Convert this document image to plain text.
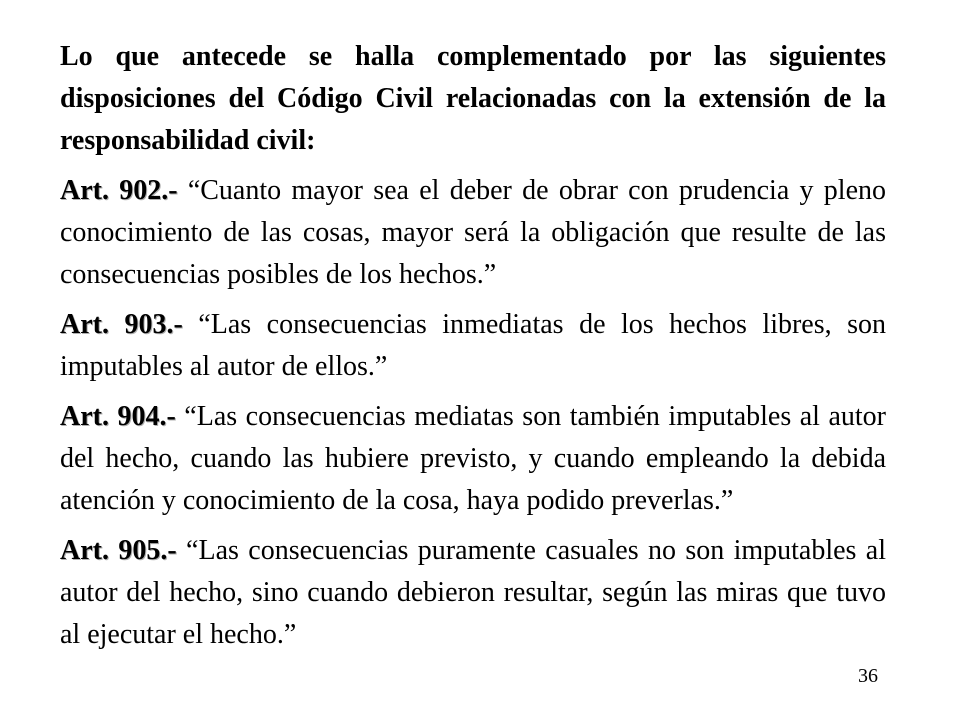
Lo que antecede se halla complementado por las siguientes disposiciones del Código Civil relacionadas con la extensión de la responsabilidad civil:

Art. 902.- “Cuanto mayor sea el deber de obrar con prudencia y pleno conocimiento de las cosas, mayor será la obligación que resulte de las consecuencias posibles de los hechos.”

Art. 903.- “Las consecuencias inmediatas de los hechos libres, son imputables al autor de ellos.”

Art. 904.- “Las consecuencias mediatas son también imputables al autor del hecho, cuando las hubiere previsto, y cuando empleando la debida atención y conocimiento de la cosa, haya podido preverlas.”

Art. 905.- “Las consecuencias puramente casuales no son imputables al autor del hecho, sino cuando debieron resultar, según las miras que tuvo al ejecutar el hecho.”

36
